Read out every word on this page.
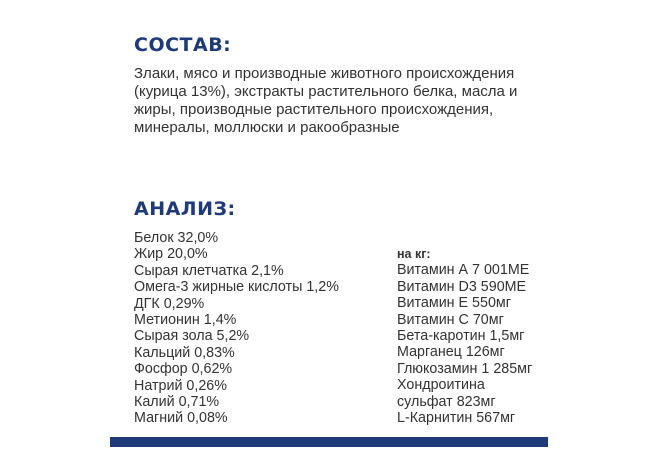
СОСТАВ:

Злаки, мясо и производные животного происхождения (курица 13%), экстракты растительного белка, масла и жиры, производные растительного происхождения, минералы, моллюски и ракообразные

АНАЛИЗ:
Белок 32,0%
Жир 20,0%
Сырая клетчатка 2,1%
Омега-3 жирные кислоты 1,2%
ДГК 0,29%
Метионин 1,4%
Сырая зола 5,2%
Кальций 0,83%
Фосфор 0,62%
Натрий 0,26%
Калий 0,71%
Магний 0,08%
на кг:
Витамин А 7 001МЕ
Витамин D3 590МЕ
Витамин Е 550мг
Витамин С 70мг
Бета-каротин 1,5мг
Марганец 126мг
Глюкозамин 1 285мг
Хондроитина
сульфат 823мг
L-Карнитин 567мг
